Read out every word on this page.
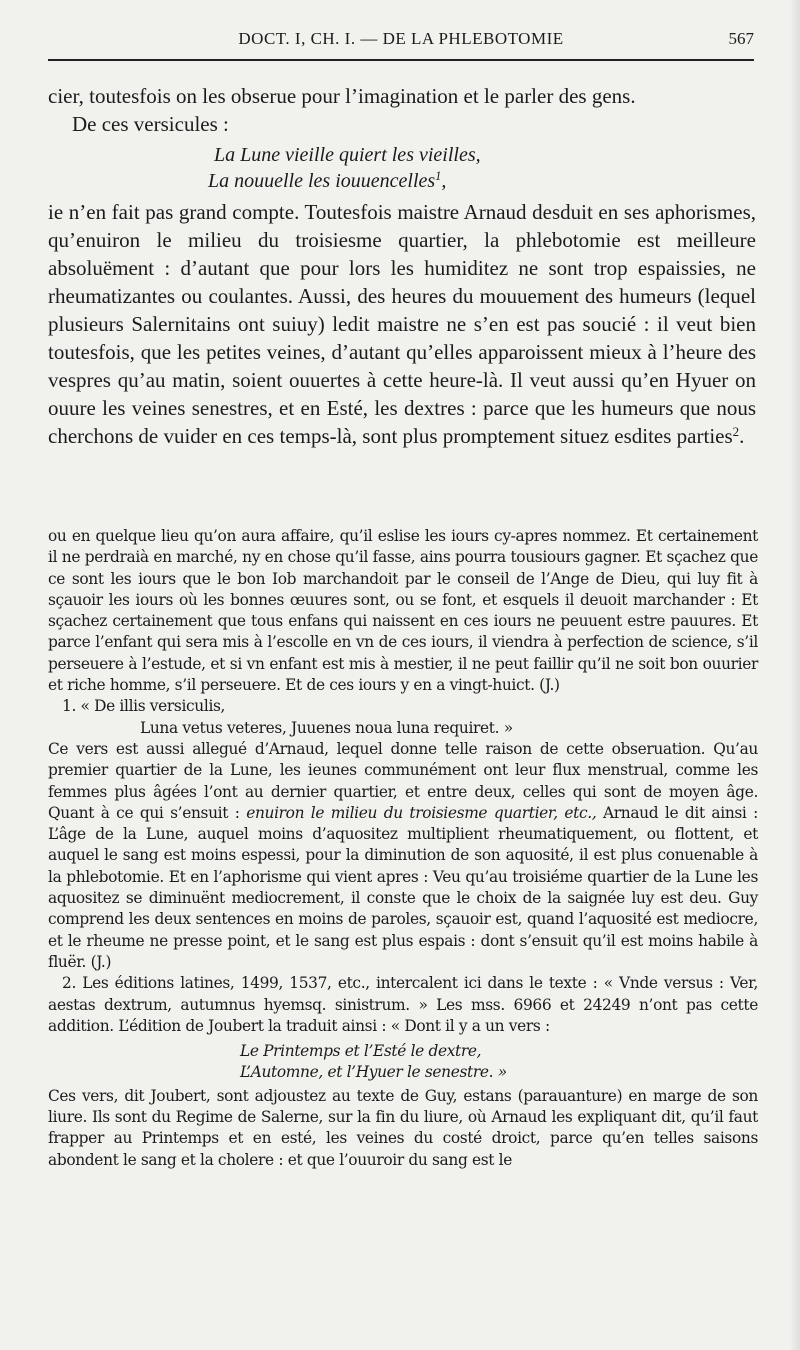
DOCT. I, CH. I. — DE LA PHLEBOTOMIE	567

cier, toutesfois on les obserue pour l’imagination et le parler des gens.

De ces versicules :

La Lune vieille quiert les vieilles,
La nouuelle les iouuencelles$^1$,

ie n’en fait pas grand compte. Toutesfois maistre Arnaud desduit en ses aphorismes, qu’enuiron le milieu du troisiesme quartier, la phlebotomie est meilleure absoluëment : d’autant que pour lors les humiditez ne sont trop espaissies, ne rheumatizantes ou coulantes. Aussi, des heures du mouuement des humeurs (lequel plusieurs Salernitains ont suiuy) ledit maistre ne s’en est pas soucié : il veut bien toutesfois, que les petites veines, d’autant qu’elles apparoissent mieux à l’heure des vespres qu’au matin, soient ouuertes à cette heure-là. Il veut aussi qu’en Hyuer on ouure les veines senestres, et en Esté, les dextres : parce que les humeurs que nous cherchons de vuider en ces temps-là, sont plus promptement situez esdites parties$^2$.

ou en quelque lieu qu’on aura affaire, qu’il eslise les iours cy-apres nommez. Et certainement il ne perdraià en marché, ny en chose qu’il fasse, ains pourra tousiours gagner. Et sçachez que ce sont les iours que le bon Iob marchandoit par le conseil de l’Ange de Dieu, qui luy fit à sçauoir les iours où les bonnes œuures sont, ou se font, et esquels il deuoit marchander : Et sçachez certainement que tous enfans qui naissent en ces iours ne peuuent estre pauures. Et parce l’enfant qui sera mis à l’escolle en vn de ces iours, il viendra à perfection de science, s’il perseuere à l’estude, et si vn enfant est mis à mestier, il ne peut faillir qu’il ne soit bon ouurier et riche homme, s’il perseuere. Et de ces iours y en a vingt-huict. (J.)

1. « De illis versiculis,

Luna vetus veteres, Juuenes noua luna requiret. »

Ce vers est aussi allegué d’Arnaud, lequel donne telle raison de cette obseruation. Qu’au premier quartier de la Lune, les ieunes communément ont leur flux menstrual, comme les femmes plus âgées l’ont au dernier quartier, et entre deux, celles qui sont de moyen âge. Quant à ce qui s’ensuit : enuiron le milieu du troisiesme quartier, etc., Arnaud le dit ainsi : L’âge de la Lune, auquel moins d’aquositez multiplient rheumatiquement, ou flottent, et auquel le sang est moins espessi, pour la diminution de son aquosité, il est plus conuenable à la phlebotomie. Et en l’aphorisme qui vient apres : Veu qu’au troisiéme quartier de la Lune les aquositez se diminuënt mediocrement, il conste que le choix de la saignée luy est deu. Guy comprend les deux sentences en moins de paroles, sçauoir est, quand l’aquosité est mediocre, et le rheume ne presse point, et le sang est plus espais : dont s’ensuit qu’il est moins habile à fluër. (J.)

2. Les éditions latines, 1499, 1537, etc., intercalent ici dans le texte : « Vnde versus : Ver, aestas dextrum, autumnus hyemsq. sinistrum. » Les mss. 6966 et 24249 n’ont pas cette addition. L’édition de Joubert la traduit ainsi : « Dont il y a un vers :

Le Printemps et l’Esté le dextre,
L’Automne, et l’Hyuer le senestre. »

Ces vers, dit Joubert, sont adjoustez au texte de Guy, estans (parauanture) en marge de son liure. Ils sont du Regime de Salerne, sur la fin du liure, où Arnaud les expliquant dit, qu’il faut frapper au Printemps et en esté, les veines du costé droict, parce qu’en telles saisons abondent le sang et la cholere : et que l’ouuroir du sang est le
